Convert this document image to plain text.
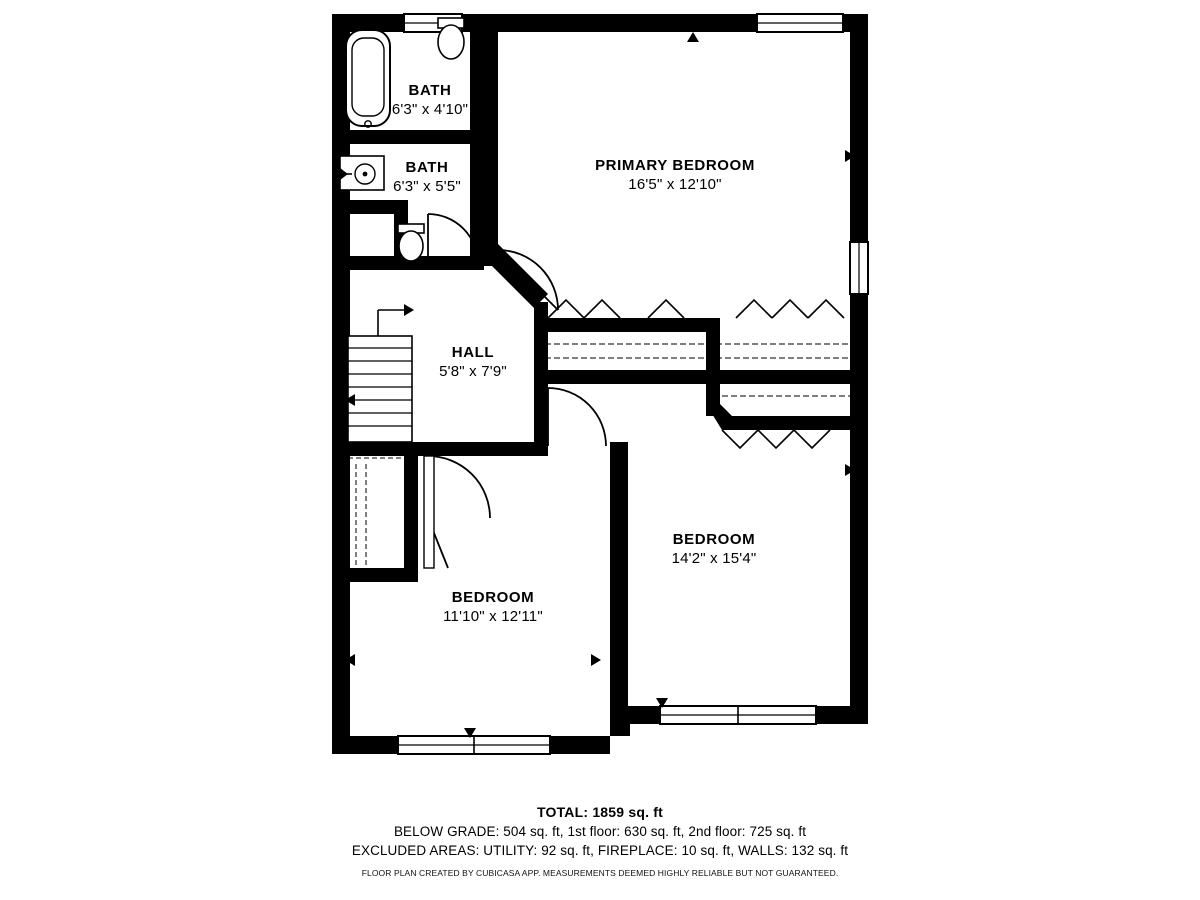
BATH
6'3" x 4'10"
BATH
6'3" x 5'5"
PRIMARY BEDROOM
16'5" x 12'10"
HALL
5'8" x 7'9"
BEDROOM
14'2" x 15'4"
BEDROOM
11'10" x 12'11"
TOTAL: 1859 sq. ft
BELOW GRADE: 504 sq. ft, 1st floor: 630 sq. ft, 2nd floor: 725 sq. ft
EXCLUDED AREAS: UTILITY: 92 sq. ft, FIREPLACE: 10 sq. ft, WALLS: 132 sq. ft
FLOOR PLAN CREATED BY CUBICASA APP. MEASUREMENTS DEEMED HIGHLY RELIABLE BUT NOT GUARANTEED.
